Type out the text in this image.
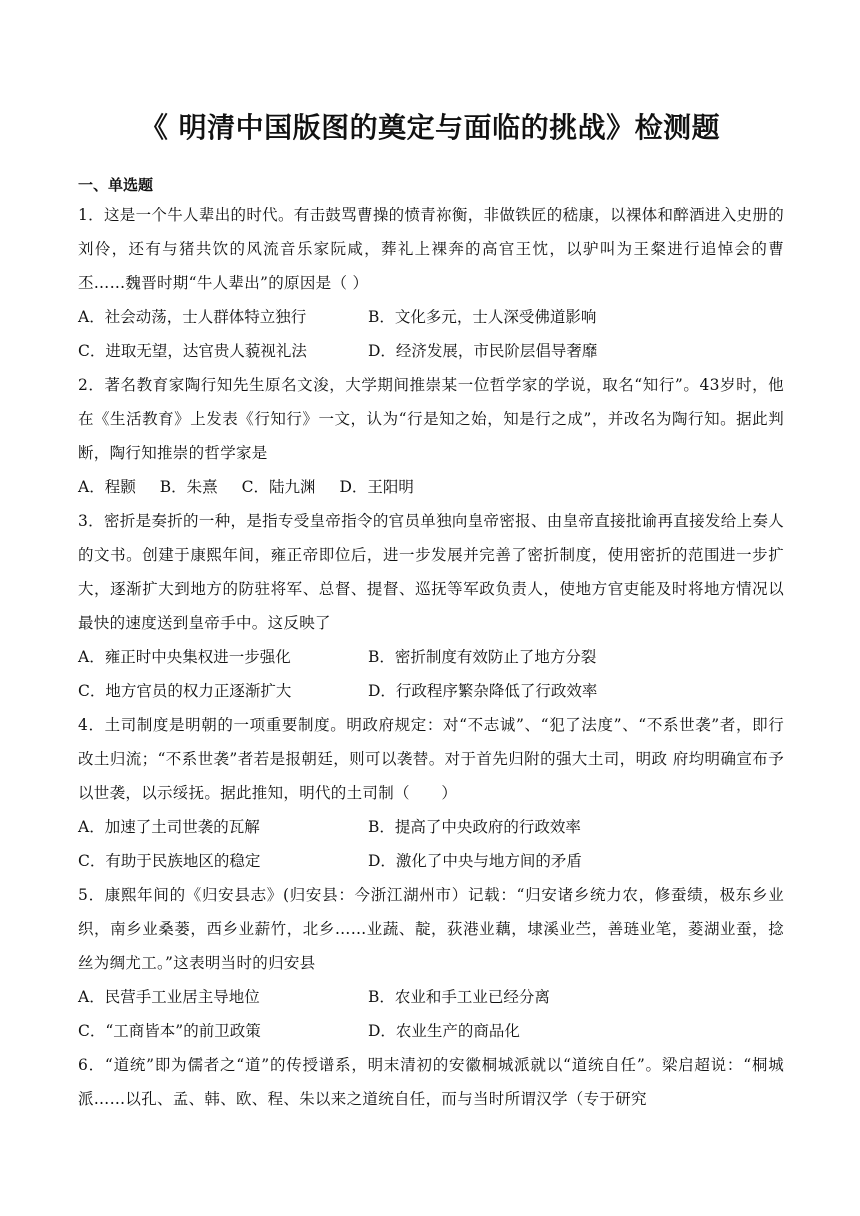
《 明清中国版图的奠定与面临的挑战》检测题
一、单选题
1．这是一个牛人辈出的时代。有击鼓骂曹操的愤青祢衡，非做铁匠的嵇康，以裸体和醉酒进入史册的刘伶，还有与猪共饮的风流音乐家阮咸，葬礼上裸奔的高官王忱，以驴叫为王粲进行追悼会的曹丕……魏晋时期“牛人辈出”的原因是（ ）
A．社会动荡，士人群体特立独行	B．文化多元，士人深受佛道影响
C．进取无望，达官贵人藐视礼法	D．经济发展，市民阶层倡导奢靡
2．著名教育家陶行知先生原名文浚，大学期间推崇某一位哲学家的学说，取名“知行”。43岁时，他在《生活教育》上发表《行知行》一文，认为“行是知之始，知是行之成”，并改名为陶行知。据此判断，陶行知推崇的哲学家是
A．程颢 B．朱熹 C．陆九渊 D．王阳明
3．密折是奏折的一种，是指专受皇帝指令的官员单独向皇帝密报、由皇帝直接批谕再直接发给上奏人的文书。创建于康熙年间，雍正帝即位后，进一步发展并完善了密折制度，使用密折的范围进一步扩大，逐渐扩大到地方的防驻将军、总督、提督、巡抚等军政负责人，使地方官吏能及时将地方情况以最快的速度送到皇帝手中。这反映了
A．雍正时中央集权进一步强化	B．密折制度有效防止了地方分裂
C．地方官员的权力正逐渐扩大	D．行政程序繁杂降低了行政效率
4．土司制度是明朝的一项重要制度。明政府规定：对“不志诚”、“犯了法度”、“不系世袭”者，即行改土归流；“不系世袭”者若是报朝廷，则可以袭替。对于首先归附的强大土司，明政 府均明确宣布予以世袭，以示绥抚。据此推知，明代的土司制（　　）
A．加速了土司世袭的瓦解	B．提高了中央政府的行政效率
C．有助于民族地区的稳定	D．激化了中央与地方间的矛盾
5．康熙年间的《归安县志》(归安县：今浙江湖州市）记载：“归安诸乡统力农，修蚕绩，极东乡业织，南乡业桑蒌，西乡业薪竹，北乡……业蔬、靛，荻港业藕，埭溪业苎，善琏业笔，菱湖业蚕，捻丝为绸尤工。”这表明当时的归安县
A．民营手工业居主导地位	B．农业和手工业已经分离
C．“工商皆本”的前卫政策	D．农业生产的商品化
6．“道统”即为儒者之“道”的传授谱系，明末清初的安徽桐城派就以“道统自任”。梁启超说：“桐城派……以孔、孟、韩、欧、程、朱以来之道统自任，而与当时所谓汉学（专于研究
